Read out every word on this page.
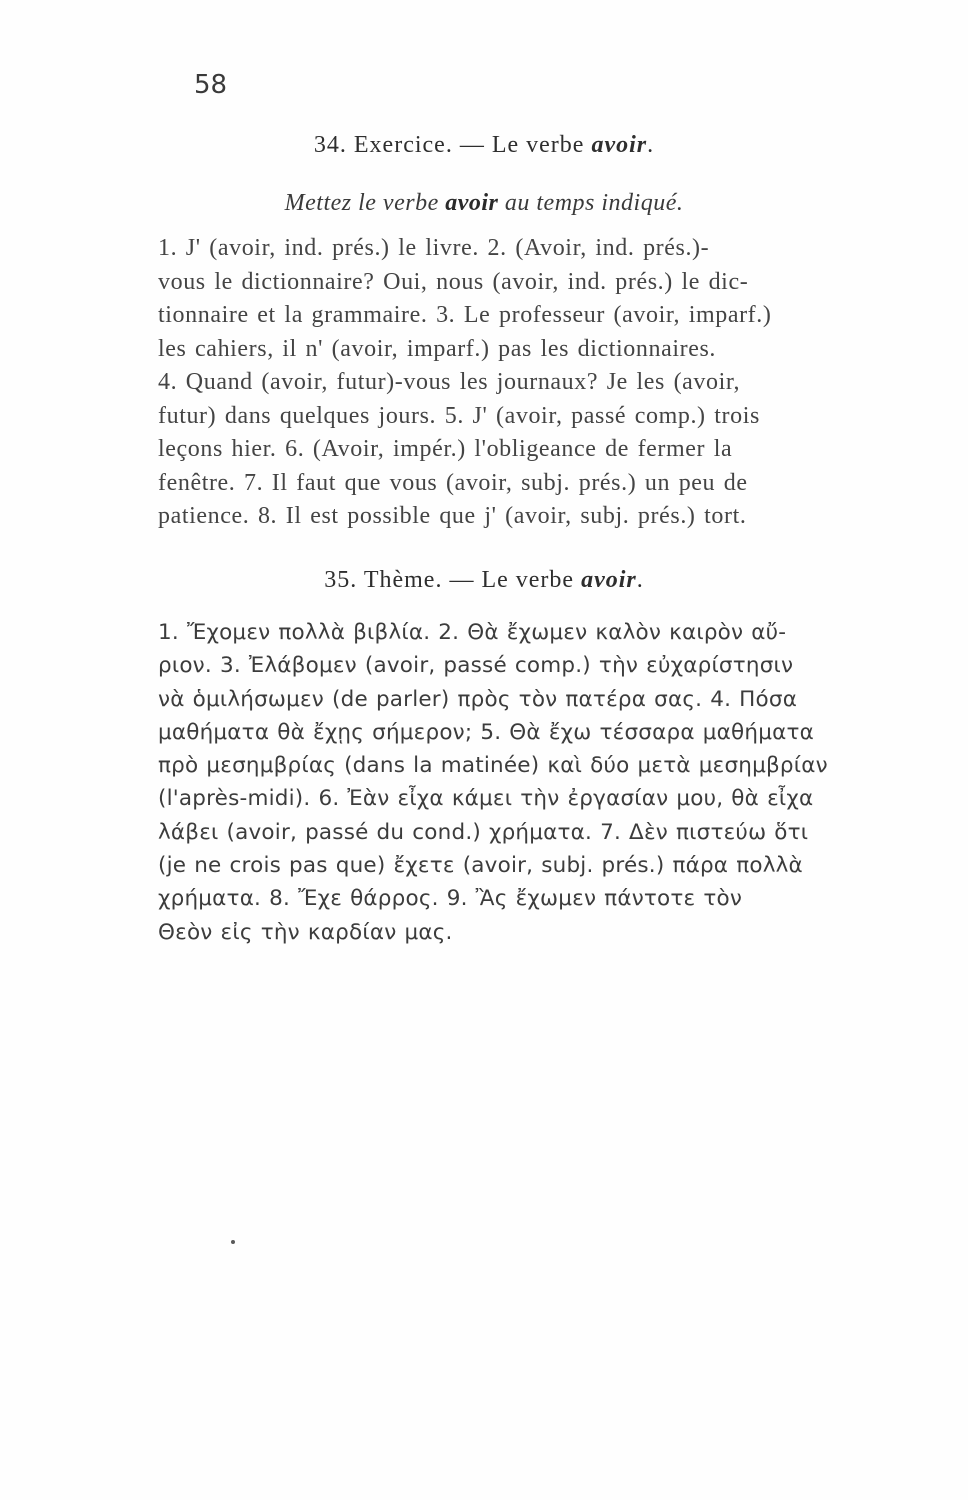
58
34. Exercice. — Le verbe avoir.
Mettez le verbe avoir au temps indiqué.
1. J' (avoir, ind. prés.) le livre. 2. (Avoir, ind. prés.)-
vous le dictionnaire? Oui, nous (avoir, ind. prés.) le dic-
tionnaire et la grammaire. 3. Le professeur (avoir, imparf.)
les cahiers, il n' (avoir, imparf.) pas les dictionnaires.
4. Quand (avoir, futur)-vous les journaux? Je les (avoir,
futur) dans quelques jours. 5. J' (avoir, passé comp.) trois
leçons hier. 6. (Avoir, impér.) l'obligeance de fermer la
fenêtre. 7. Il faut que vous (avoir, subj. prés.) un peu de
patience. 8. Il est possible que j' (avoir, subj. prés.) tort.
35. Thème. — Le verbe avoir.
1. Ἔχομεν πολλὰ βιβλία. 2. Θὰ ἔχωμεν καλὸν καιρὸν αὔ-
ριον. 3. Ἐλάβομεν (avoir, passé comp.) τὴν εὐχαρίστησιν
νὰ ὁμιλήσωμεν (de parler) πρὸς τὸν πατέρα σας. 4. Πόσα
μαθήματα θὰ ἔχῃς σήμερον; 5. Θὰ ἔχω τέσσαρα μαθήματα
πρὸ μεσημβρίας (dans la matinée) καὶ δύο μετὰ μεσημβρίαν
(l'après-midi). 6. Ἐὰν εἶχα κάμει τὴν ἐργασίαν μου, θὰ εἶχα
λάβει (avoir, passé du cond.) χρήματα. 7. Δὲν πιστεύω ὅτι
(je ne crois pas que) ἔχετε (avoir, subj. prés.) πάρα πολλὰ
χρήματα. 8. Ἔχε θάρρος. 9. Ἂς ἔχωμεν πάντοτε τὸν
Θεὸν εἰς τὴν καρδίαν μας.
